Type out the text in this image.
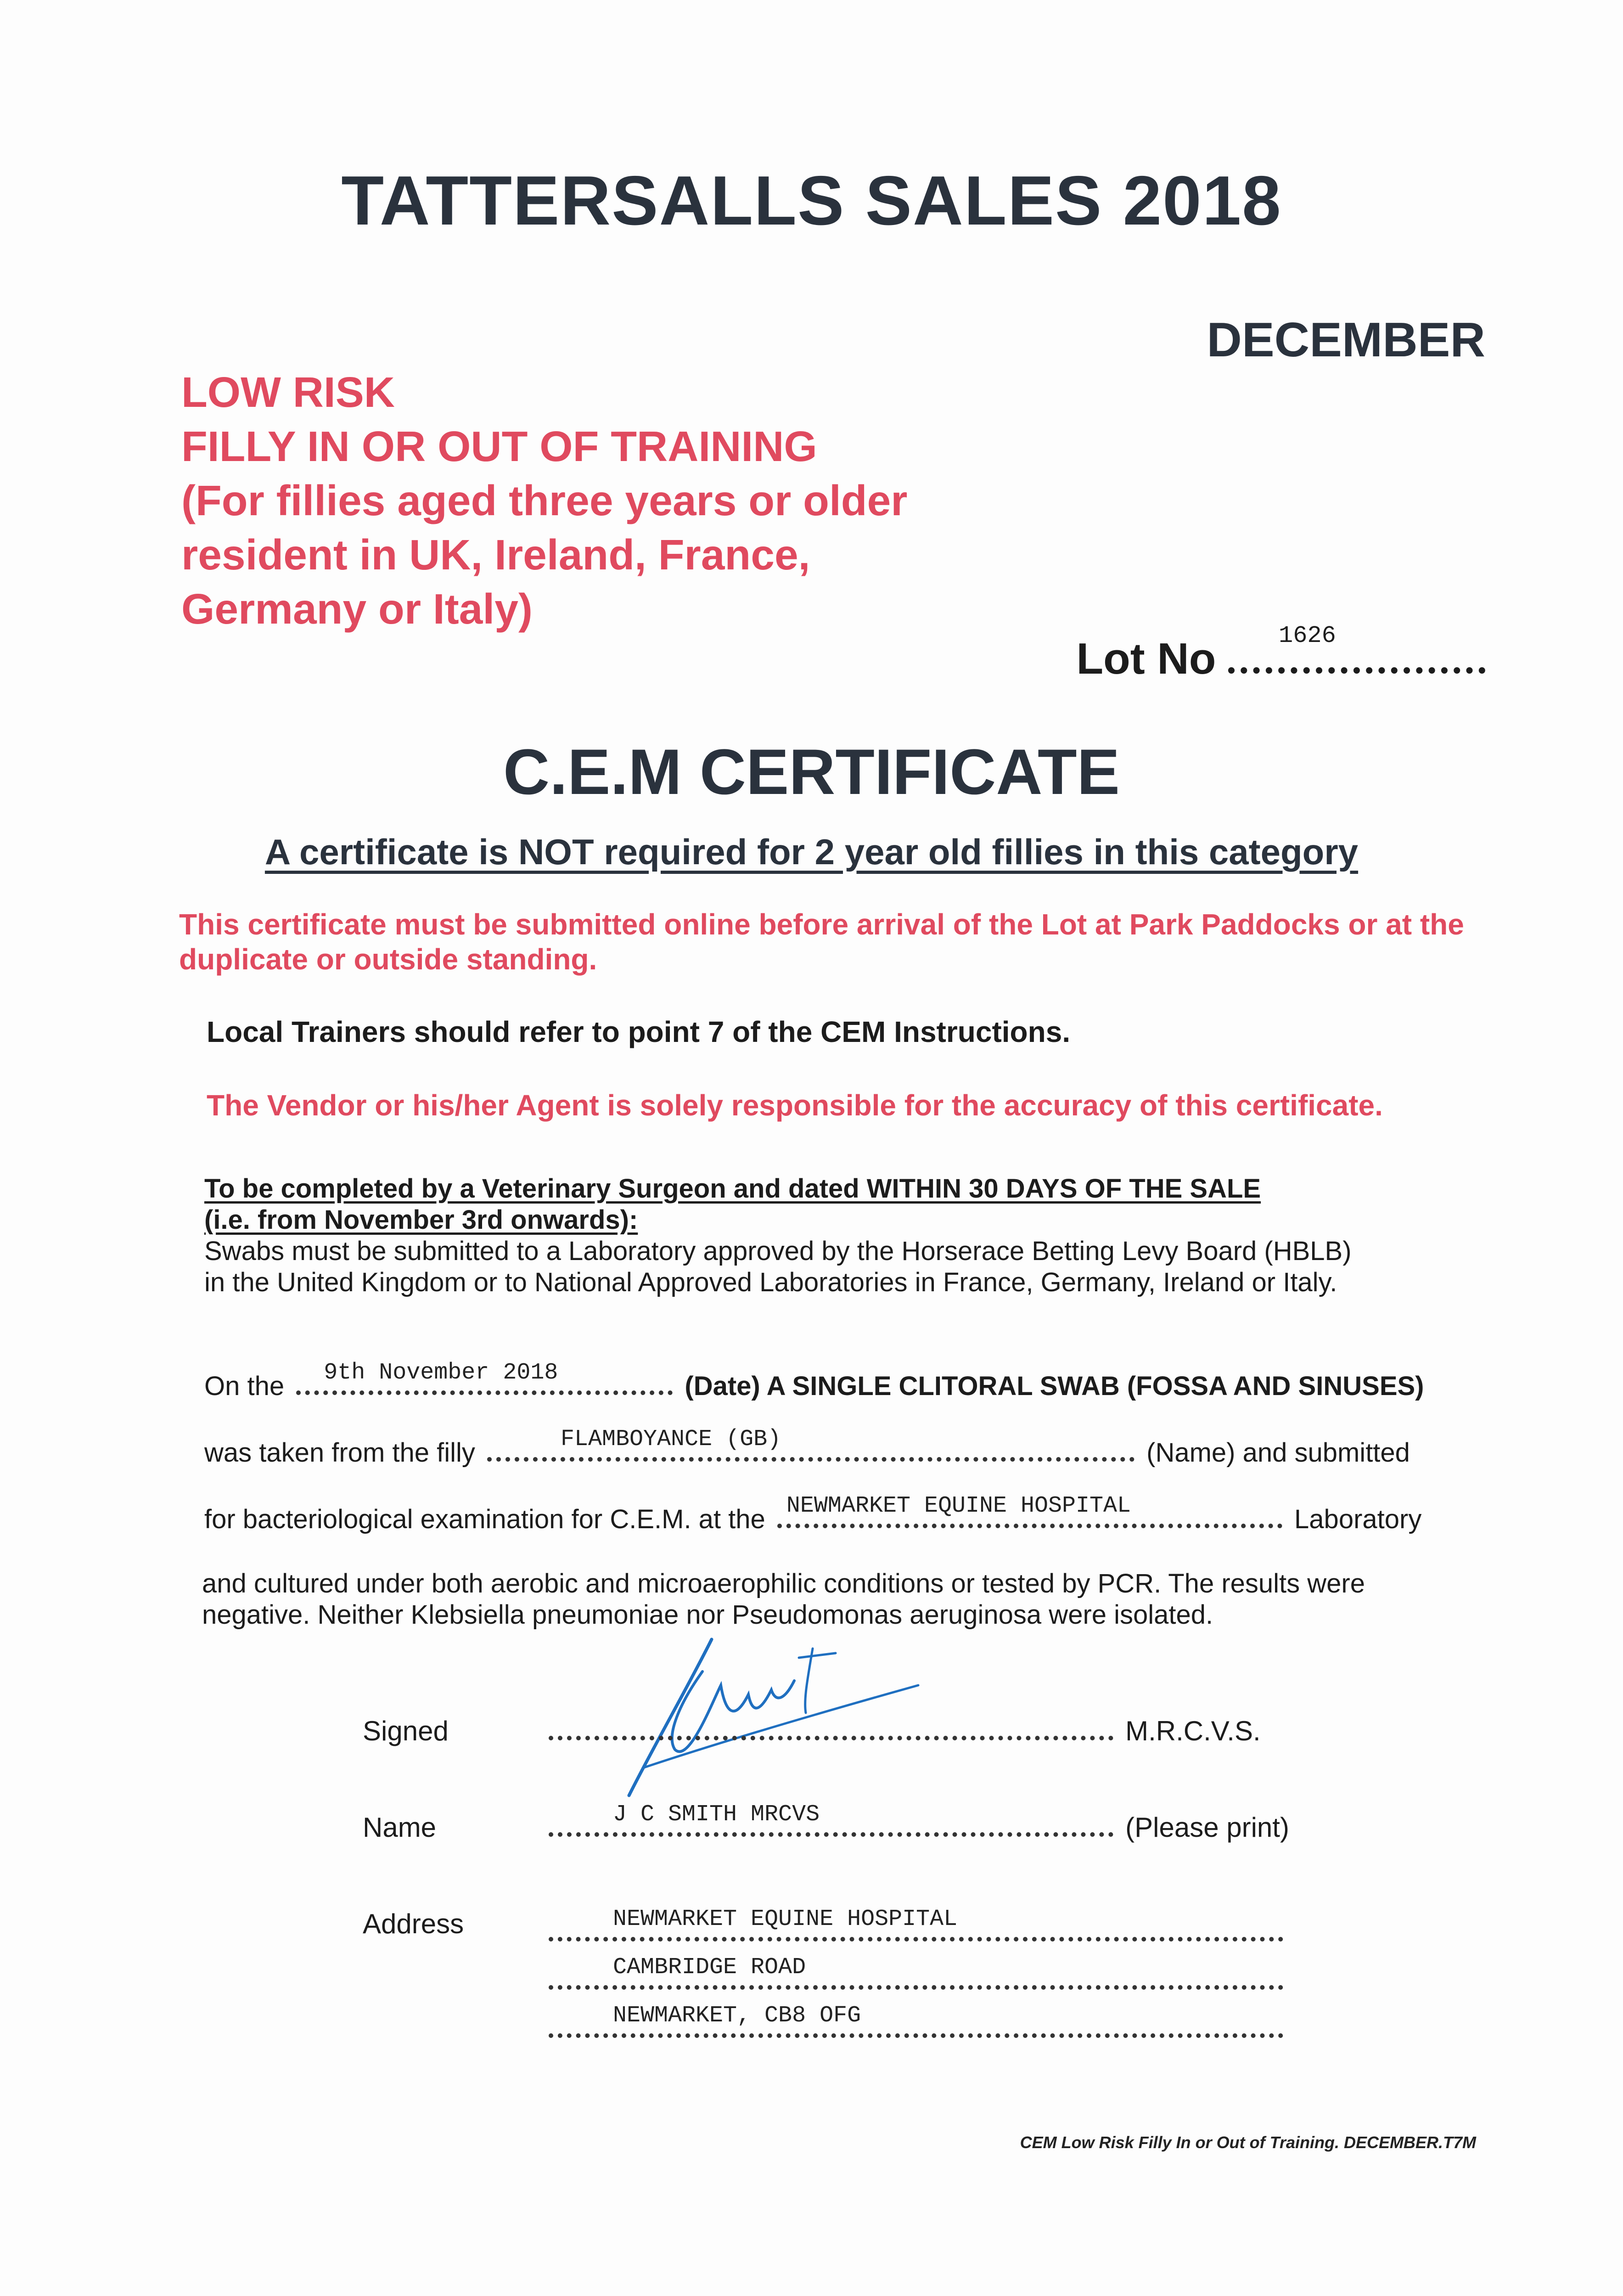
TATTERSALLS SALES 2018
DECEMBER
LOW RISK
FILLY IN OR OUT OF TRAINING
(For fillies aged three years or older
resident in UK, Ireland, France,
Germany or Italy)
Lot No	1626
C.E.M CERTIFICATE
A certificate is NOT required for 2 year old fillies in this category
This certificate must be submitted online before arrival of the Lot at Park Paddocks or at the duplicate or outside standing.
Local Trainers should refer to point 7 of the CEM Instructions.
The Vendor or his/her Agent is solely responsible for the accuracy of this certificate.
To be completed by a Veterinary Surgeon and dated WITHIN 30 DAYS OF THE SALE
(i.e. from November 3rd onwards):
Swabs must be submitted to a Laboratory approved by the Horserace Betting Levy Board (HBLB)
in the United Kingdom or to National Approved Laboratories in France, Germany, Ireland or Italy.
On the 9th November 2018	(Date) A SINGLE CLITORAL SWAB (FOSSA AND SINUSES)
was taken from the filly	FLAMBOYANCE (GB)	(Name) and submitted
for bacteriological examination for C.E.M. at the NEWMARKET EQUINE HOSPITAL	Laboratory
and cultured under both aerobic and microaerophilic conditions or tested by PCR. The results were
negative. Neither Klebsiella pneumoniae nor Pseudomonas aeruginosa were isolated.
Signed	M.R.C.V.S.
Name	J C SMITH MRCVS	(Please print)
Address	NEWMARKET EQUINE HOSPITAL
CAMBRIDGE ROAD
NEWMARKET, CB8 OFG
CEM Low Risk Filly In or Out of Training. DECEMBER.T7M
